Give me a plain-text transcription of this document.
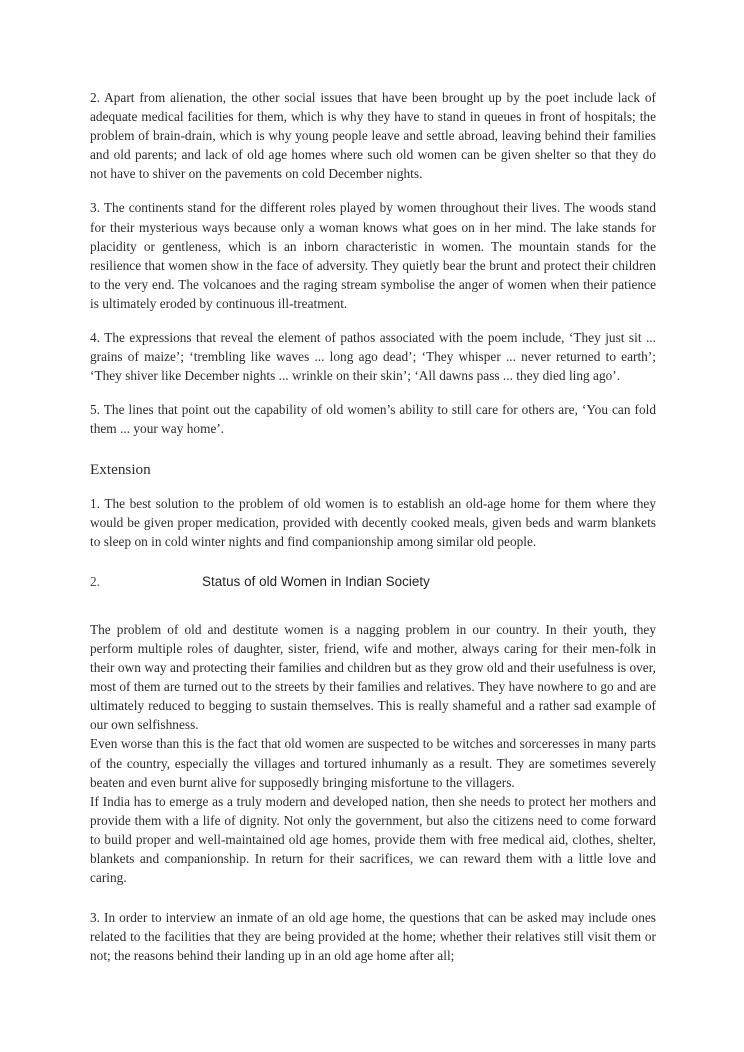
2. Apart from alienation, the other social issues that have been brought up by the poet include lack of adequate medical facilities for them, which is why they have to stand in queues in front of hospitals; the problem of brain-drain, which is why young people leave and settle abroad, leaving behind their families and old parents; and lack of old age homes where such old women can be given shelter so that they do not have to shiver on the pavements on cold December nights.

3. The continents stand for the different roles played by women throughout their lives. The woods stand for their mysterious ways because only a woman knows what goes on in her mind. The lake stands for placidity or gentleness, which is an inborn characteristic in women. The mountain stands for the resilience that women show in the face of adversity. They quietly bear the brunt and protect their children to the very end. The volcanoes and the raging stream symbolise the anger of women when their patience is ultimately eroded by continuous ill-treatment.

4. The expressions that reveal the element of pathos associated with the poem include, ‘They just sit ... grains of maize’; ‘trembling like waves ... long ago dead’; ‘They whisper ... never returned to earth’; ‘They shiver like December nights ... wrinkle on their skin’; ‘All dawns pass ... they died ling ago’.

5. The lines that point out the capability of old women’s ability to still care for others are, ‘You can fold them ... your way home’.

Extension

1. The best solution to the problem of old women is to establish an old-age home for them where they would be given proper medication, provided with decently cooked meals, given beds and warm blankets to sleep on in cold winter nights and find companionship among similar old people.

2.	Status of old Women in Indian Society

The problem of old and destitute women is a nagging problem in our country. In their youth, they perform multiple roles of daughter, sister, friend, wife and mother, always caring for their men-folk in their own way and protecting their families and children but as they grow old and their usefulness is over, most of them are turned out to the streets by their families and relatives. They have nowhere to go and are ultimately reduced to begging to sustain themselves. This is really shameful and a rather sad example of our own selfishness.

Even worse than this is the fact that old women are suspected to be witches and sorceresses in many parts of the country, especially the villages and tortured inhumanly as a result. They are sometimes severely beaten and even burnt alive for supposedly bringing misfortune to the villagers.

If India has to emerge as a truly modern and developed nation, then she needs to protect her mothers and provide them with a life of dignity. Not only the government, but also the citizens need to come forward to build proper and well-maintained old age homes, provide them with free medical aid, clothes, shelter, blankets and companionship. In return for their sacrifices, we can reward them with a little love and caring.

3. In order to interview an inmate of an old age home, the questions that can be asked may include ones related to the facilities that they are being provided at the home; whether their relatives still visit them or not; the reasons behind their landing up in an old age home after all;
